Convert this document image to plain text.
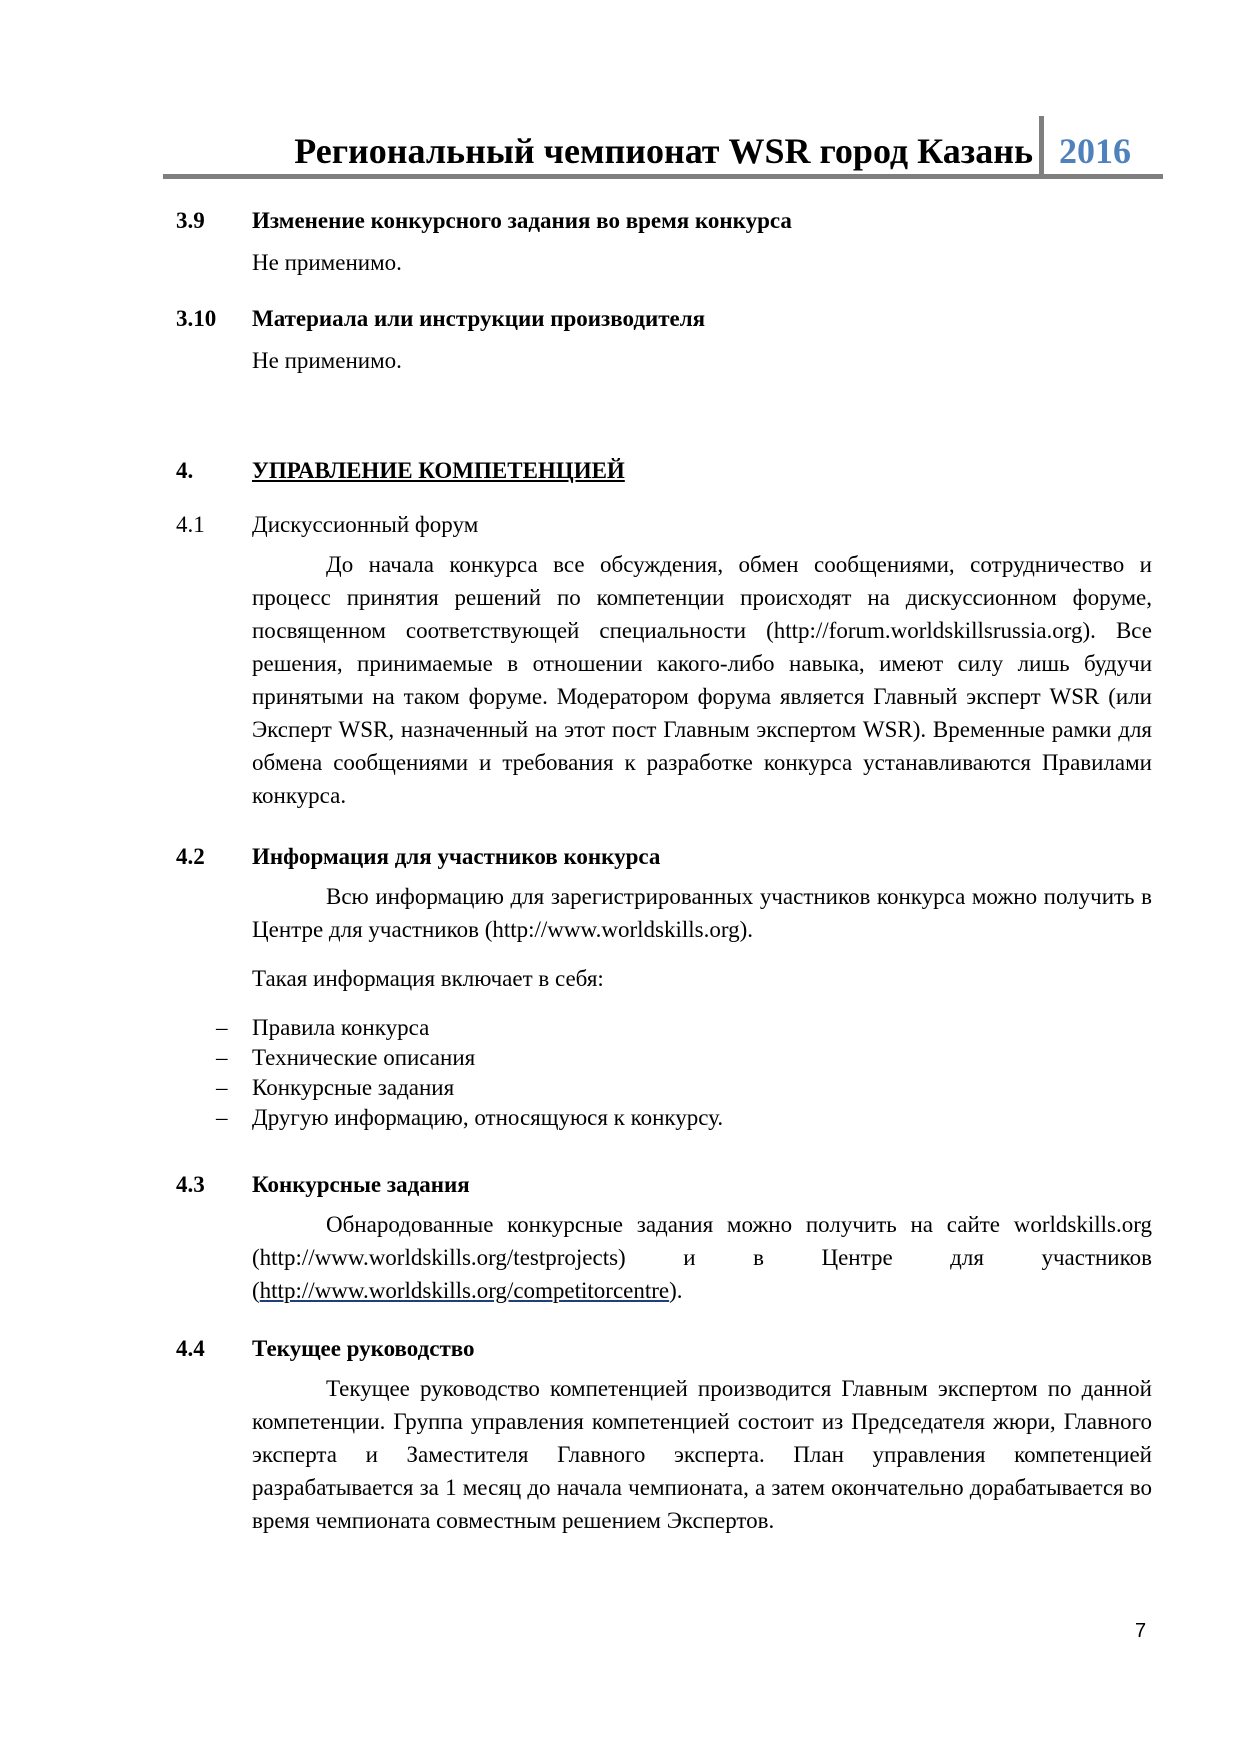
Региональный чемпионат WSR город Казань 2016
3.9 Изменение конкурсного задания во время конкурса
Не применимо.
3.10 Материала или инструкции производителя
Не применимо.
4.	УПРАВЛЕНИЕ КОМПЕТЕНЦИЕЙ
4.1 Дискуссионный форум
До начала конкурса все обсуждения, обмен сообщениями, сотрудничество и процесс принятия решений по компетенции происходят на дискуссионном форуме, посвященном соответствующей специальности (http://forum.worldskillsrussia.org). Все решения, принимаемые в отношении какого-либо навыка, имеют силу лишь будучи принятыми на таком форуме. Модератором форума является Главный эксперт WSR (или Эксперт WSR, назначенный на этот пост Главным экспертом WSR). Временные рамки для обмена сообщениями и требования к разработке конкурса устанавливаются Правилами конкурса.
4.2 Информация для участников конкурса
Всю информацию для зарегистрированных участников конкурса можно получить в Центре для участников (http://www.worldskills.org).
Такая информация включает в себя:
– Правила конкурса
– Технические описания
– Конкурсные задания
– Другую информацию, относящуюся к конкурсу.
4.3 Конкурсные задания
Обнародованные конкурсные задания можно получить на сайте worldskills.org (http://www.worldskills.org/testprojects) и в Центре для участников (http://www.worldskills.org/competitorcentre).
4.4 Текущее руководство
Текущее руководство компетенцией производится Главным экспертом по данной компетенции. Группа управления компетенцией состоит из Председателя жюри, Главного эксперта и Заместителя Главного эксперта. План управления компетенцией разрабатывается за 1 месяц до начала чемпионата, а затем окончательно дорабатывается во время чемпионата совместным решением Экспертов.
7
